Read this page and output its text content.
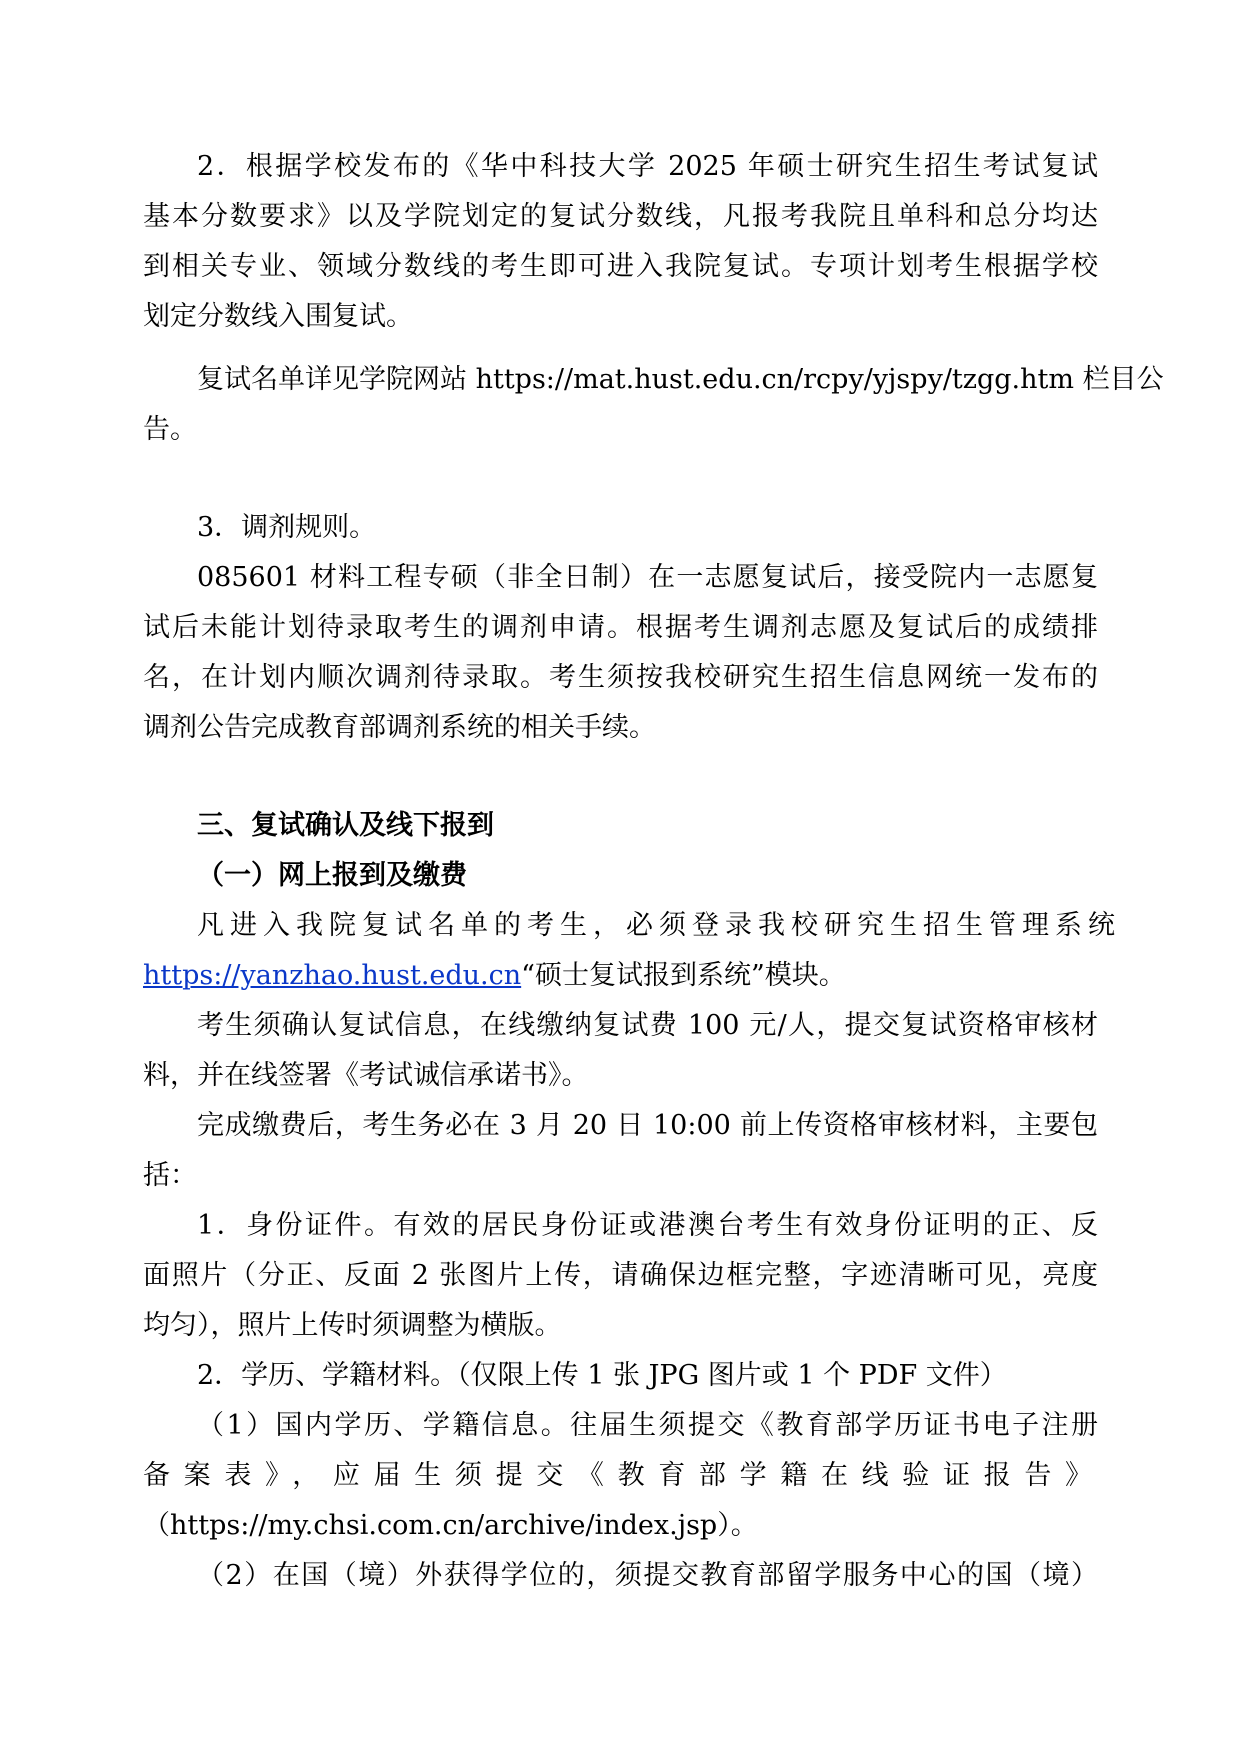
2．根据学校发布的《华中科技大学 2025 年硕士研究生招生考试复试
基本分数要求》以及学院划定的复试分数线，凡报考我院且单科和总分均达
到相关专业、领域分数线的考生即可进入我院复试。专项计划考生根据学校
划定分数线入围复试。
复试名单详见学院网站 https://mat.hust.edu.cn/rcpy/yjspy/tzgg.htm 栏目公
告。
3．调剂规则。
085601 材料工程专硕（非全日制）在一志愿复试后，接受院内一志愿复
试后未能计划待录取考生的调剂申请。根据考生调剂志愿及复试后的成绩排
名，在计划内顺次调剂待录取。考生须按我校研究生招生信息网统一发布的
调剂公告完成教育部调剂系统的相关手续。
三、复试确认及线下报到
（一）网上报到及缴费
凡进入我院复试名单的考生，必须登录我校研究生招生管理系统
https://yanzhao.hust.edu.cn“硕士复试报到系统”模块。
考生须确认复试信息，在线缴纳复试费 100 元/人，提交复试资格审核材
料，并在线签署《考试诚信承诺书》。
完成缴费后，考生务必在 3 月 20 日 10:00 前上传资格审核材料，主要包
括：
1．身份证件。有效的居民身份证或港澳台考生有效身份证明的正、反
面照片（分正、反面 2 张图片上传，请确保边框完整，字迹清晰可见，亮度
均匀），照片上传时须调整为横版。
2．学历、学籍材料。（仅限上传 1 张 JPG 图片或 1 个 PDF 文件）
（1）国内学历、学籍信息。往届生须提交《教育部学历证书电子注册
备案表》，应届生须提交《教育部学籍在线验证报告》
（https://my.chsi.com.cn/archive/index.jsp）。
（2）在国（境）外获得学位的，须提交教育部留学服务中心的国（境）
